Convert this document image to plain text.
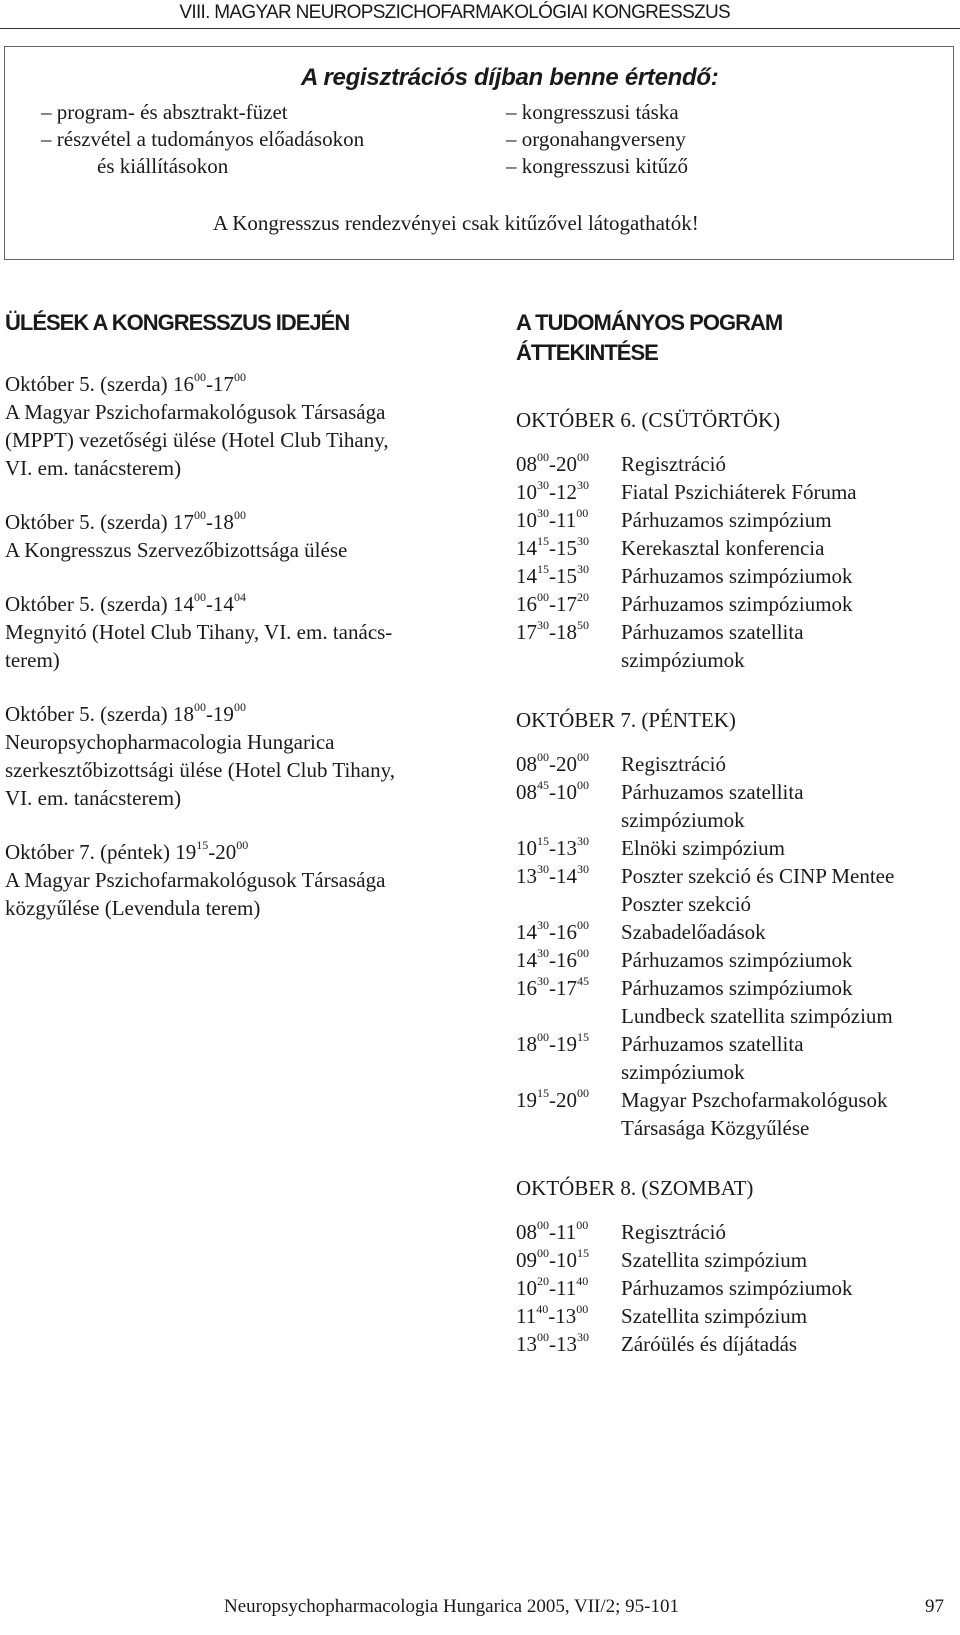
VIII. MAGYAR NEUROPSZICHOFARMAKOLÓGIAI KONGRESSZUS
A regisztrációs díjban benne értendő:
– program- és absztrakt-füzet
– részvétel a tudományos előadásokon
és kiállításokon
– kongresszusi táska
– orgonahangverseny
– kongresszusi kitűző
A Kongresszus rendezvényei csak kitűzővel látogathatók!
ÜLÉSEK A KONGRESSZUS IDEJÉN
Október 5. (szerda) $16^{00}-17^{00}$
A Magyar Pszichofarmakológusok Társasága
(MPPT) vezetőségi ülése (Hotel Club Tihany,
VI. em. tanácsterem)
Október 5. (szerda) $17^{00}-18^{00}$
A Kongresszus Szervezőbizottsága ülése
Október 5. (szerda) $14^{00}-14^{04}$
Megnyitó (Hotel Club Tihany, VI. em. tanács-
terem)
Október 5. (szerda) $18^{00}-19^{00}$
Neuropsychopharmacologia Hungarica
szerkesztőbizottsági ülése (Hotel Club Tihany,
VI. em. tanácsterem)
Október 7. (péntek) $19^{15}-20^{00}$
A Magyar Pszichofarmakológusok Társasága
közgyűlése (Levendula terem)
A TUDOMÁNYOS POGRAM
ÁTTEKINTÉSE
OKTÓBER 6. (CSÜTÖRTÖK)
$08^{00}-20^{00}$	Regisztráció
$10^{30}-12^{30}$	Fiatal Pszichiáterek Fóruma
$10^{30}-11^{00}$	Párhuzamos szimpózium
$14^{15}-15^{30}$	Kerekasztal konferencia
$14^{15}-15^{30}$	Párhuzamos szimpóziumok
$16^{00}-17^{20}$	Párhuzamos szimpóziumok
$17^{30}-18^{50}$	Párhuzamos szatellita
szimpóziumok
OKTÓBER 7. (PÉNTEK)
$08^{00}-20^{00}$	Regisztráció
$08^{45}-10^{00}$	Párhuzamos szatellita
szimpóziumok
$10^{15}-13^{30}$	Elnöki szimpózium
$13^{30}-14^{30}$	Poszter szekció és CINP Mentee
Poszter szekció
$14^{30}-16^{00}$	Szabadelőadások
$14^{30}-16^{00}$	Párhuzamos szimpóziumok
$16^{30}-17^{45}$	Párhuzamos szimpóziumok
Lundbeck szatellita szimpózium
$18^{00}-19^{15}$	Párhuzamos szatellita
szimpóziumok
$19^{15}-20^{00}$	Magyar Pszchofarmakológusok
Társasága Közgyűlése
OKTÓBER 8. (SZOMBAT)
$08^{00}-11^{00}$	Regisztráció
$09^{00}-10^{15}$	Szatellita szimpózium
$10^{20}-11^{40}$	Párhuzamos szimpóziumok
$11^{40}-13^{00}$	Szatellita szimpózium
$13^{00}-13^{30}$	Záróülés és díjátadás
Neuropsychopharmacologia Hungarica 2005, VII/2; 95-101	97
